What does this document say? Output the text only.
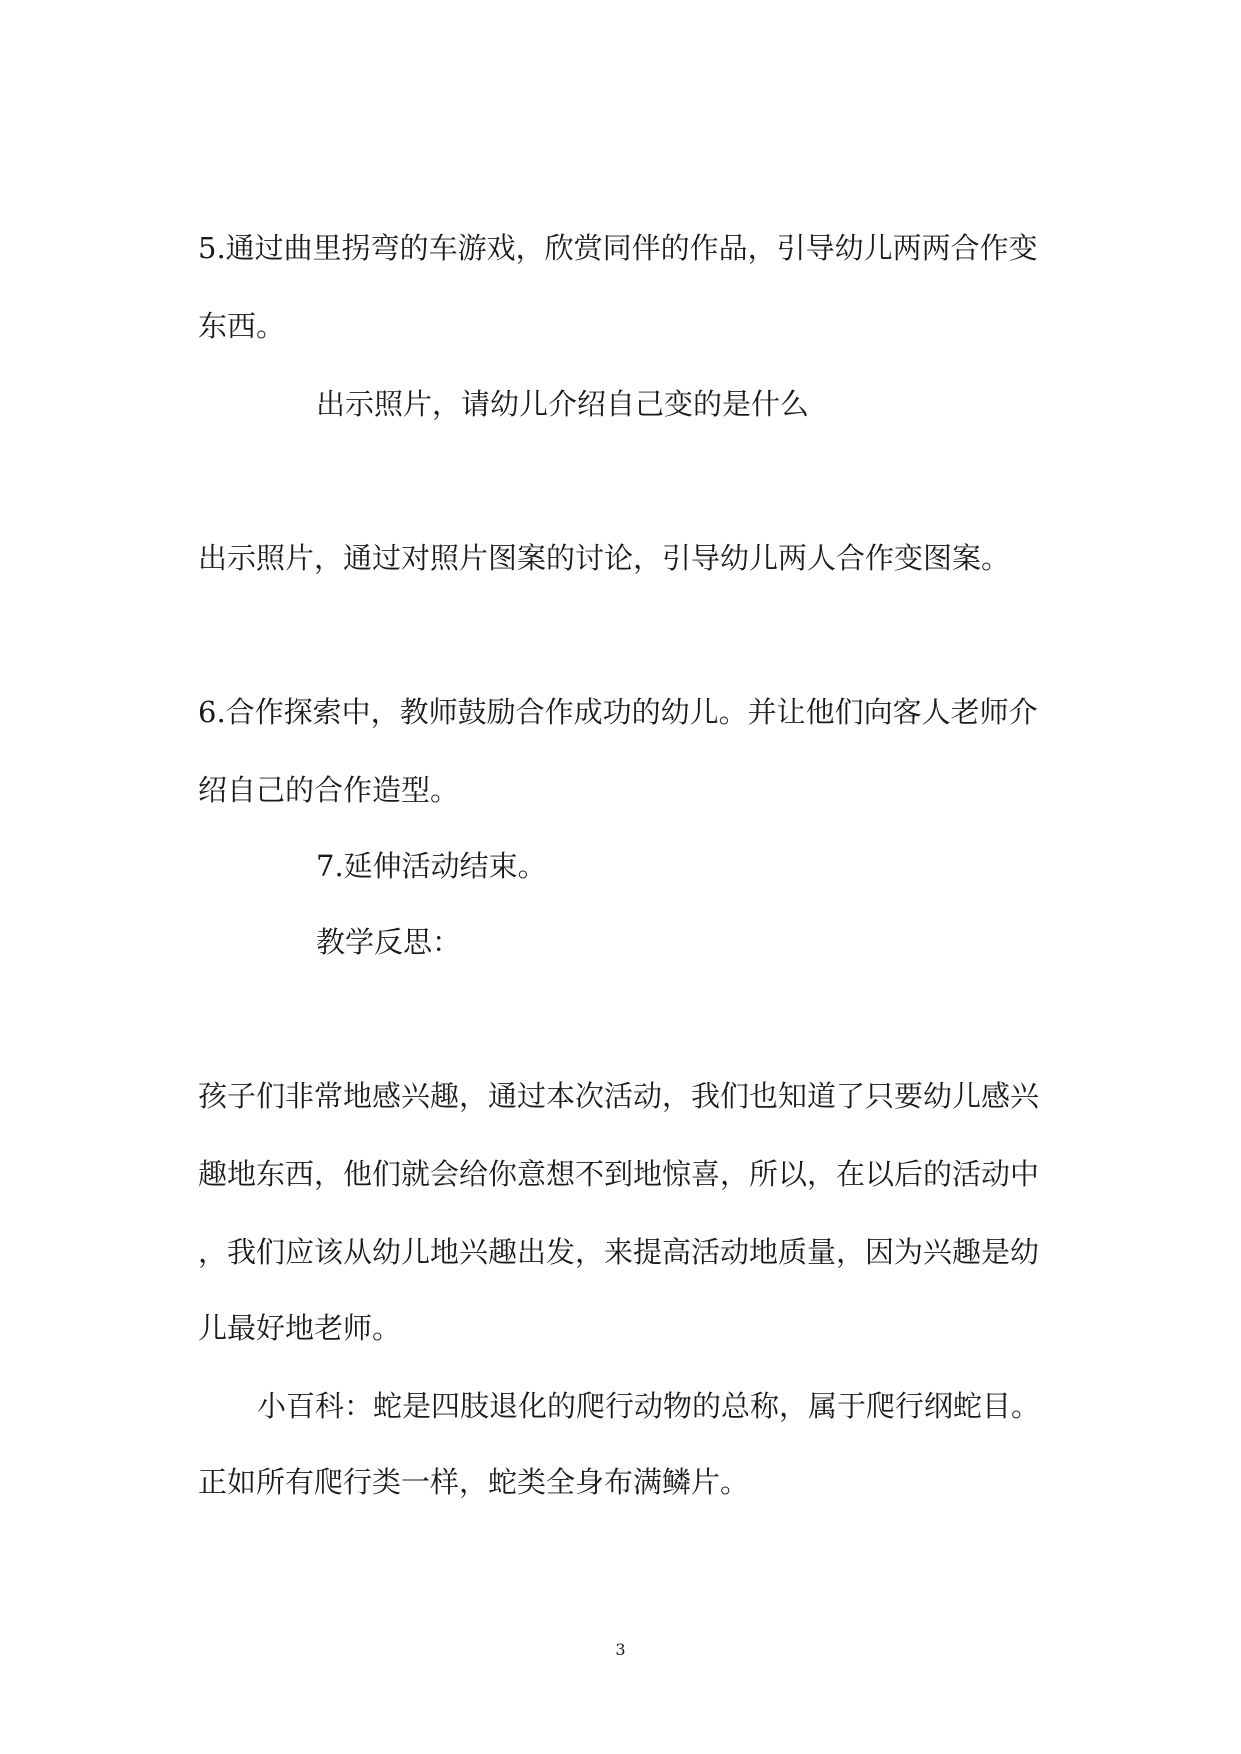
5.通过曲里拐弯的车游戏，欣赏同伴的作品，引导幼儿两两合作变

东西。

出示照片，请幼儿介绍自己变的是什么

出示照片，通过对照片图案的讨论，引导幼儿两人合作变图案。

6.合作探索中，教师鼓励合作成功的幼儿。并让他们向客人老师介

绍自己的合作造型。

7.延伸活动结束。

教学反思：

孩子们非常地感兴趣，通过本次活动，我们也知道了只要幼儿感兴

趣地东西，他们就会给你意想不到地惊喜，所以，在以后的活动中

，我们应该从幼儿地兴趣出发，来提高活动地质量，因为兴趣是幼

儿最好地老师。

小百科：蛇是四肢退化的爬行动物的总称，属于爬行纲蛇目。

正如所有爬行类一样，蛇类全身布满鳞片。

3
